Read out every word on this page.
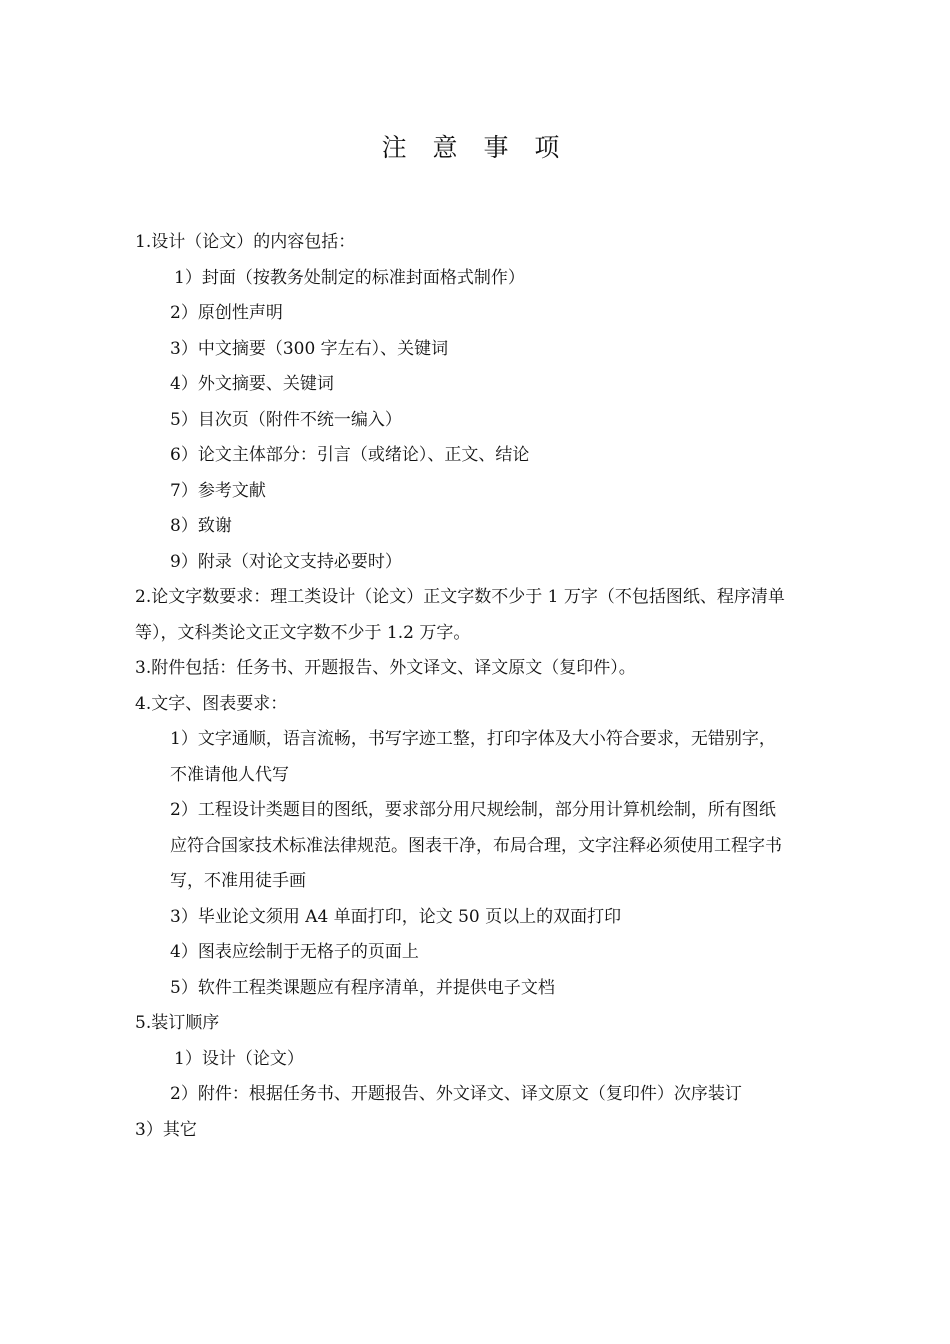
注 意 事 项

1.设计（论文）的内容包括：

1）封面（按教务处制定的标准封面格式制作）

2）原创性声明

3）中文摘要（300 字左右）、关键词

4）外文摘要、关键词

5）目次页（附件不统一编入）

6）论文主体部分：引言（或绪论）、正文、结论

7）参考文献

8）致谢

9）附录（对论文支持必要时）

2.论文字数要求：理工类设计（论文）正文字数不少于 1 万字（不包括图纸、程序清单

等），文科类论文正文字数不少于 1.2 万字。

3.附件包括：任务书、开题报告、外文译文、译文原文（复印件）。

4.文字、图表要求：

1）文字通顺，语言流畅，书写字迹工整，打印字体及大小符合要求，无错别字，

不准请他人代写

2）工程设计类题目的图纸，要求部分用尺规绘制，部分用计算机绘制，所有图纸

应符合国家技术标准法律规范。图表干净，布局合理，文字注释必须使用工程字书

写，不准用徒手画

3）毕业论文须用 A4 单面打印，论文 50 页以上的双面打印

4）图表应绘制于无格子的页面上

5）软件工程类课题应有程序清单，并提供电子文档

5.装订顺序

1）设计（论文）

2）附件：根据任务书、开题报告、外文译文、译文原文（复印件）次序装订

3）其它
